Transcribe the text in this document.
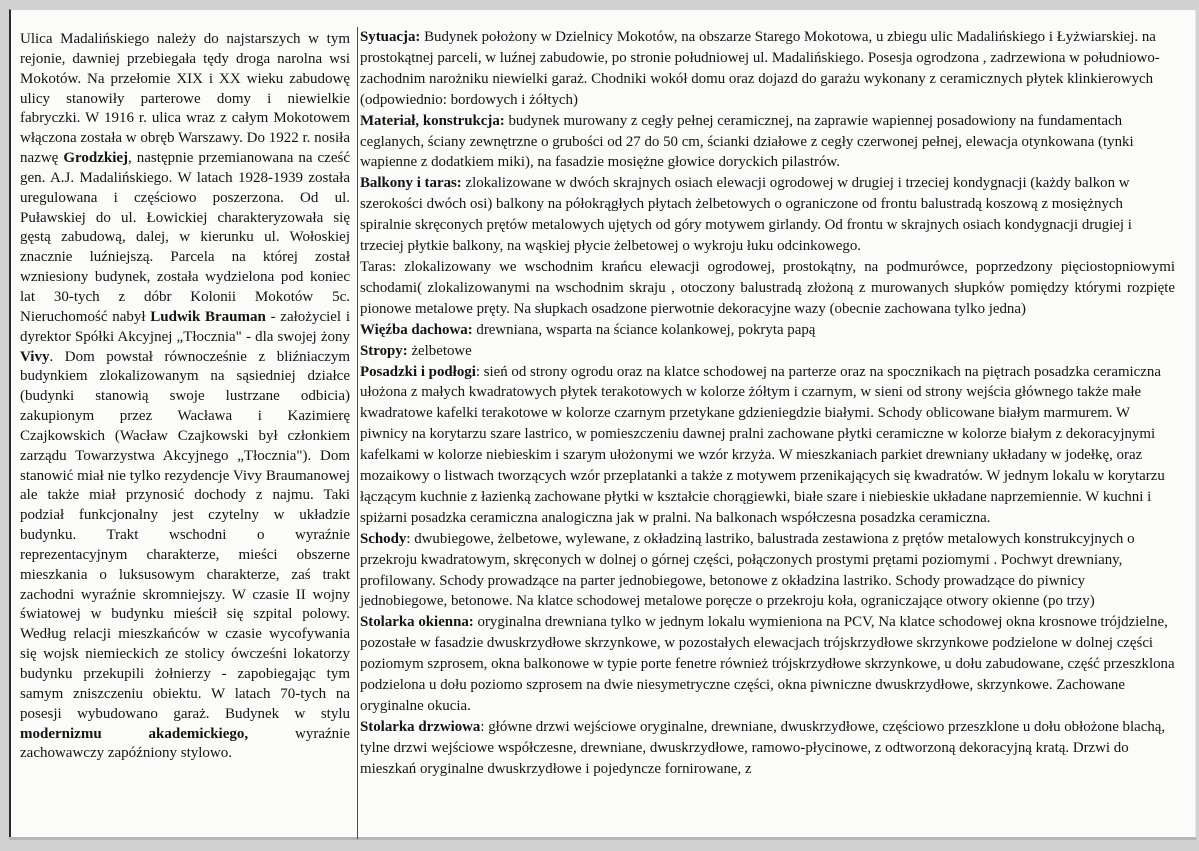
Ulica Madalińskiego należy do najstarszych w tym rejonie, dawniej przebiegała tędy droga narolna wsi Mokotów. Na przełomie XIX i XX wieku zabudowę ulicy stanowiły parterowe domy i niewielkie fabryczki. W 1916 r. ulica wraz z całym Mokotowem włączona została w obręb Warszawy. Do 1922 r. nosiła nazwę Grodzkiej, następnie przemianowana na cześć gen. A.J. Madalińskiego. W latach 1928-1939 została uregulowana i częściowo poszerzona. Od ul. Puławskiej do ul. Łowickiej charakteryzowała się gęstą zabudową, dalej, w kierunku ul. Wołoskiej znacznie luźniejszą. Parcela na której został wzniesiony budynek, została wydzielona pod koniec lat 30-tych z dóbr Kolonii Mokotów 5c. Nieruchomość nabył Ludwik Brauman - założyciel i dyrektor Spółki Akcyjnej „Tłocznia" - dla swojej żony Vivy. Dom powstał równocześnie z bliźniaczym budynkiem zlokalizowanym na sąsiedniej działce (budynki stanowią swoje lustrzane odbicia) zakupionym przez Wacława i Kazimierę Czajkowskich (Wacław Czajkowski był członkiem zarządu Towarzystwa Akcyjnego „Tłocznia"). Dom stanowić miał nie tylko rezydencje Vivy Braumanowej ale także miał przynosić dochody z najmu. Taki podział funkcjonalny jest czytelny w układzie budynku. Trakt wschodni o wyraźnie reprezentacyjnym charakterze, mieści obszerne mieszkania o luksusowym charakterze, zaś trakt zachodni wyraźnie skromniejszy. W czasie II wojny światowej w budynku mieścił się szpital polowy. Według relacji mieszkańców w czasie wycofywania się wojsk niemieckich ze stolicy ówcześni lokatorzy budynku przekupili żołnierzy - zapobiegając tym samym zniszczeniu obiektu. W latach 70-tych na posesji wybudowano garaż. Budynek w stylu modernizmu akademickiego, wyraźnie zachowawczy zapóźniony stylowo.

Sytuacja: Budynek położony w Dzielnicy Mokotów, na obszarze Starego Mokotowa, u zbiegu ulic Madalińskiego i Łyżwiarskiej. na prostokątnej parceli, w luźnej zabudowie, po stronie południowej ul. Madalińskiego. Posesja ogrodzona , zadrzewiona w południowo-zachodnim narożniku niewielki garaż. Chodniki wokół domu oraz dojazd do garażu wykonany z ceramicznych płytek klinkierowych (odpowiednio: bordowych i żółtych)

Materiał, konstrukcja: budynek murowany z cegły pełnej ceramicznej, na zaprawie wapiennej posadowiony na fundamentach ceglanych, ściany zewnętrzne o grubości od 27 do 50 cm, ścianki działowe z cegły czerwonej pełnej, elewacja otynkowana (tynki wapienne z dodatkiem miki), na fasadzie mosiężne głowice doryckich pilastrów.

Balkony i taras: zlokalizowane w dwóch skrajnych osiach elewacji ogrodowej w drugiej i trzeciej kondygnacji (każdy balkon w szerokości dwóch osi) balkony na półokrągłych płytach żelbetowych o ograniczone od frontu balustradą koszową z mosiężnych spiralnie skręconych prętów metalowych ujętych od góry motywem girlandy. Od frontu w skrajnych osiach kondygnacji drugiej i trzeciej płytkie balkony, na wąskiej płycie żelbetowej o wykroju łuku odcinkowego.

Taras: zlokalizowany we wschodnim krańcu elewacji ogrodowej, prostokątny, na podmurówce, poprzedzony pięciostopniowymi schodami( zlokalizowanymi na wschodnim skraju , otoczony balustradą złożoną z murowanych słupków pomiędzy którymi rozpięte pionowe metalowe pręty. Na słupkach osadzone pierwotnie dekoracyjne wazy (obecnie zachowana tylko jedna)

Więźba dachowa: drewniana, wsparta na ściance kolankowej, pokryta papą

Stropy: żelbetowe

Posadzki i podłogi: sień od strony ogrodu oraz na klatce schodowej na parterze oraz na spocznikach na piętrach posadzka ceramiczna ułożona z małych kwadratowych płytek terakotowych w kolorze żółtym i czarnym, w sieni od strony wejścia głównego także małe kwadratowe kafelki terakotowe w kolorze czarnym przetykane gdzieniegdzie białymi. Schody oblicowane białym marmurem. W piwnicy na korytarzu szare lastrico, w pomieszczeniu dawnej pralni zachowane płytki ceramiczne w kolorze białym z dekoracyjnymi kafelkami w kolorze niebieskim i szarym ułożonymi we wzór krzyża. W mieszkaniach parkiet drewniany układany w jodełkę, oraz mozaikowy o listwach tworzących wzór przeplatanki a także z motywem przenikających się kwadratów. W jednym lokalu w korytarzu łączącym kuchnie z łazienką zachowane płytki w kształcie chorągiewki, białe szare i niebieskie układane naprzemiennie. W kuchni i spiżarni posadzka ceramiczna analogiczna jak w pralni. Na balkonach współczesna posadzka ceramiczna.

Schody: dwubiegowe, żelbetowe, wylewane, z okładziną lastriko, balustrada zestawiona z prętów metalowych konstrukcyjnych o przekroju kwadratowym, skręconych w dolnej o górnej części, połączonych prostymi prętami poziomymi . Pochwyt drewniany, profilowany. Schody prowadzące na parter jednobiegowe, betonowe z okładzina lastriko. Schody prowadzące do piwnicy jednobiegowe, betonowe. Na klatce schodowej metalowe poręcze o przekroju koła, ograniczające otwory okienne (po trzy)

Stolarka okienna: oryginalna drewniana tylko w jednym lokalu wymieniona na PCV, Na klatce schodowej okna krosnowe trójdzielne, pozostałe w fasadzie dwuskrzydłowe skrzynkowe, w pozostałych elewacjach trójskrzydłowe skrzynkowe podzielone w dolnej części poziomym szprosem, okna balkonowe w typie porte fenetre również trójskrzydłowe skrzynkowe, u dołu zabudowane, część przeszklona podzielona u dołu poziomo szprosem na dwie niesymetryczne części, okna piwniczne dwuskrzydłowe, skrzynkowe. Zachowane oryginalne okucia.

Stolarka drzwiowa: główne drzwi wejściowe oryginalne, drewniane, dwuskrzydłowe, częściowo przeszklone u dołu obłożone blachą, tylne drzwi wejściowe współczesne, drewniane, dwuskrzydłowe, ramowo-płycinowe, z odtworzoną dekoracyjną kratą. Drzwi do mieszkań oryginalne dwuskrzydłowe i pojedyncze fornirowane, z
